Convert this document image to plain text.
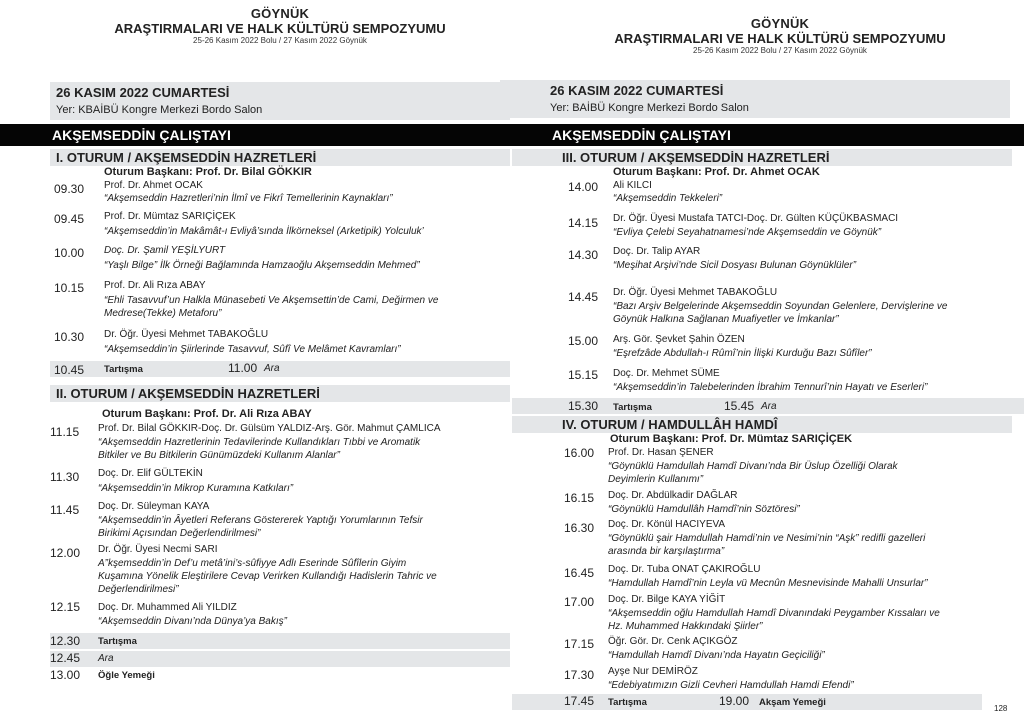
GÖYNÜK
ARAŞTIRMALARI VE HALK KÜLTÜRÜ SEMPOZYUMU
25-26 Kasım 2022 Bolu / 27 Kasım 2022 Göynük
26 KASIM 2022 CUMARTESİ
Yer: KBAİBÜ Kongre Merkezi Bordo Salon
AKŞEMSEDDİN ÇALIŞTAYI
I. OTURUM / AKŞEMSEDDİN HAZRETLERİ
Oturum Başkanı: Prof. Dr. Bilal GÖKKIR
09.30 Prof. Dr. Ahmet OCAK
“Akşemseddin Hazretleri’nin İlmî ve Fikrî Temellerinin Kaynakları”
09.45 Prof. Dr. Mümtaz SARIÇİÇEK
“Akşemseddin’in Makâmât-ı Evliyâ’sında İlkörneksel (Arketipik) Yolculuk’
10.00 Doç. Dr. Şamil YEŞİLYURT
“Yaşlı Bilge” İlk Örneği Bağlamında Hamzaoğlu Akşemseddin Mehmed”
10.15 Prof. Dr. Ali Rıza ABAY
“Ehli Tasavvuf’un Halkla Münasebeti Ve Akşemsettin’de Cami, Değirmen ve
Medrese(Tekke) Metaforu”
10.30 Dr. Öğr. Üyesi Mehmet TABAKOĞLU
“Akşemseddin’in Şiirlerinde Tasavvuf, Sûfî Ve Melâmet Kavramları”
10.45 Tartışma	11.00 Ara
II. OTURUM / AKŞEMSEDDİN HAZRETLERİ
Oturum Başkanı: Prof. Dr. Ali Rıza ABAY
11.15 Prof. Dr. Bilal GÖKKIR-Doç. Dr. Gülsüm YALDIZ-Arş. Gör. Mahmut ÇAMLICA
“Akşemseddin Hazretlerinin Tedavilerinde Kullandıkları Tıbbi ve Aromatik
Bitkiler ve Bu Bitkilerin Günümüzdeki Kullanım Alanlar”
11.30 Doç. Dr. Elif GÜLTEKİN
“Akşemseddin’in Mikrop Kuramına Katkıları”
11.45 Doç. Dr. Süleyman KAYA
“Akşemseddin’in Âyetleri Referans Göstererek Yaptığı Yorumlarının Tefsir
Birikimi Açısından Değerlendirilmesi”
12.00 Dr. Öğr. Üyesi Necmi SARI
A”kşemseddin’in Def’u metâ’ini’s-sûfiyye Adlı Eserinde Sûfîlerin Giyim
Kuşamına Yönelik Eleştirilere Cevap Verirken Kullandığı Hadislerin Tahric ve
Değerlendirilmesi”
12.15 Doç. Dr. Muhammed Ali YILDIZ
“Akşemseddin Divanı’nda Dünya’ya Bakış”
12.30 Tartışma
12.45 Ara
13.00 Öğle Yemeği
GÖYNÜK
ARAŞTIRMALARI VE HALK KÜLTÜRÜ SEMPOZYUMU
25-26 Kasım 2022 Bolu / 27 Kasım 2022 Göynük
26 KASIM 2022 CUMARTESİ
Yer: BAİBÜ Kongre Merkezi Bordo Salon
AKŞEMSEDDİN ÇALIŞTAYI
III. OTURUM / AKŞEMSEDDİN HAZRETLERİ
Oturum Başkanı: Prof. Dr. Ahmet OCAK
14.00 Ali KILCI
“Akşemseddin Tekkeleri”
14.15 Dr. Öğr. Üyesi Mustafa TATCI-Doç. Dr. Gülten KÜÇÜKBASMACI
“Evliya Çelebi Seyahatnamesi’nde Akşemseddin ve Göynük”
14.30 Doç. Dr. Talip AYAR
“Meşihat Arşivi’nde Sicil Dosyası Bulunan Göynüklüler”
14.45 Dr. Öğr. Üyesi Mehmet TABAKOĞLU
“Bazı Arşiv Belgelerinde Akşemseddin Soyundan Gelenlere, Dervişlerine ve
Göynük Halkına Sağlanan Muafiyetler ve İmkanlar”
15.00 Arş. Gör. Şevket Şahin ÖZEN
“Eşrefzâde Abdullah-ı Rûmî’nin İlişki Kurduğu Bazı Sûfîler”
15.15 Doç. Dr. Mehmet SÜME
“Akşemseddin’in Talebelerinden İbrahim Tennurî’nin Hayatı ve Eserleri”
15.30 Tartışma	15.45 Ara
IV. OTURUM / HAMDULLÂH HAMDÎ
Oturum Başkanı: Prof. Dr. Mümtaz SARIÇİÇEK
16.00 Prof. Dr. Hasan ŞENER
“Göynüklü Hamdullah Hamdî Divanı’nda Bir Üslup Özelliği Olarak
Deyimlerin Kullanımı”
16.15 Doç. Dr. Abdülkadir DAĞLAR
“Göynüklü Hamdullâh Hamdî’nin Söztöresi”
16.30 Doç. Dr. Könül HACIYEVA
“Göynüklü şair Hamdullah Hamdi’nin ve Nesimi’nin “Aşk” redifli gazelleri
arasında bir karşılaştırma”
16.45 Doç. Dr. Tuba ONAT ÇAKIROĞLU
“Hamdullah Hamdî’nin Leyla vü Mecnûn Mesnevisinde Mahalli Unsurlar”
17.00 Doç. Dr. Bilge KAYA YİĞİT
“Akşemseddin oğlu Hamdullah Hamdî Divanındaki Peygamber Kıssaları ve
Hz. Muhammed Hakkındaki Şiirler”
17.15 Öğr. Gör. Dr. Cenk AÇIKGÖZ
“Hamdullah Hamdî Divanı’nda Hayatın Geçiciliği”
17.30 Ayşe Nur DEMİRÖZ
“Edebiyatımızın Gizli Cevheri Hamdullah Hamdi Efendi”
17.45 Tartışma	19.00 Akşam Yemeği
128
